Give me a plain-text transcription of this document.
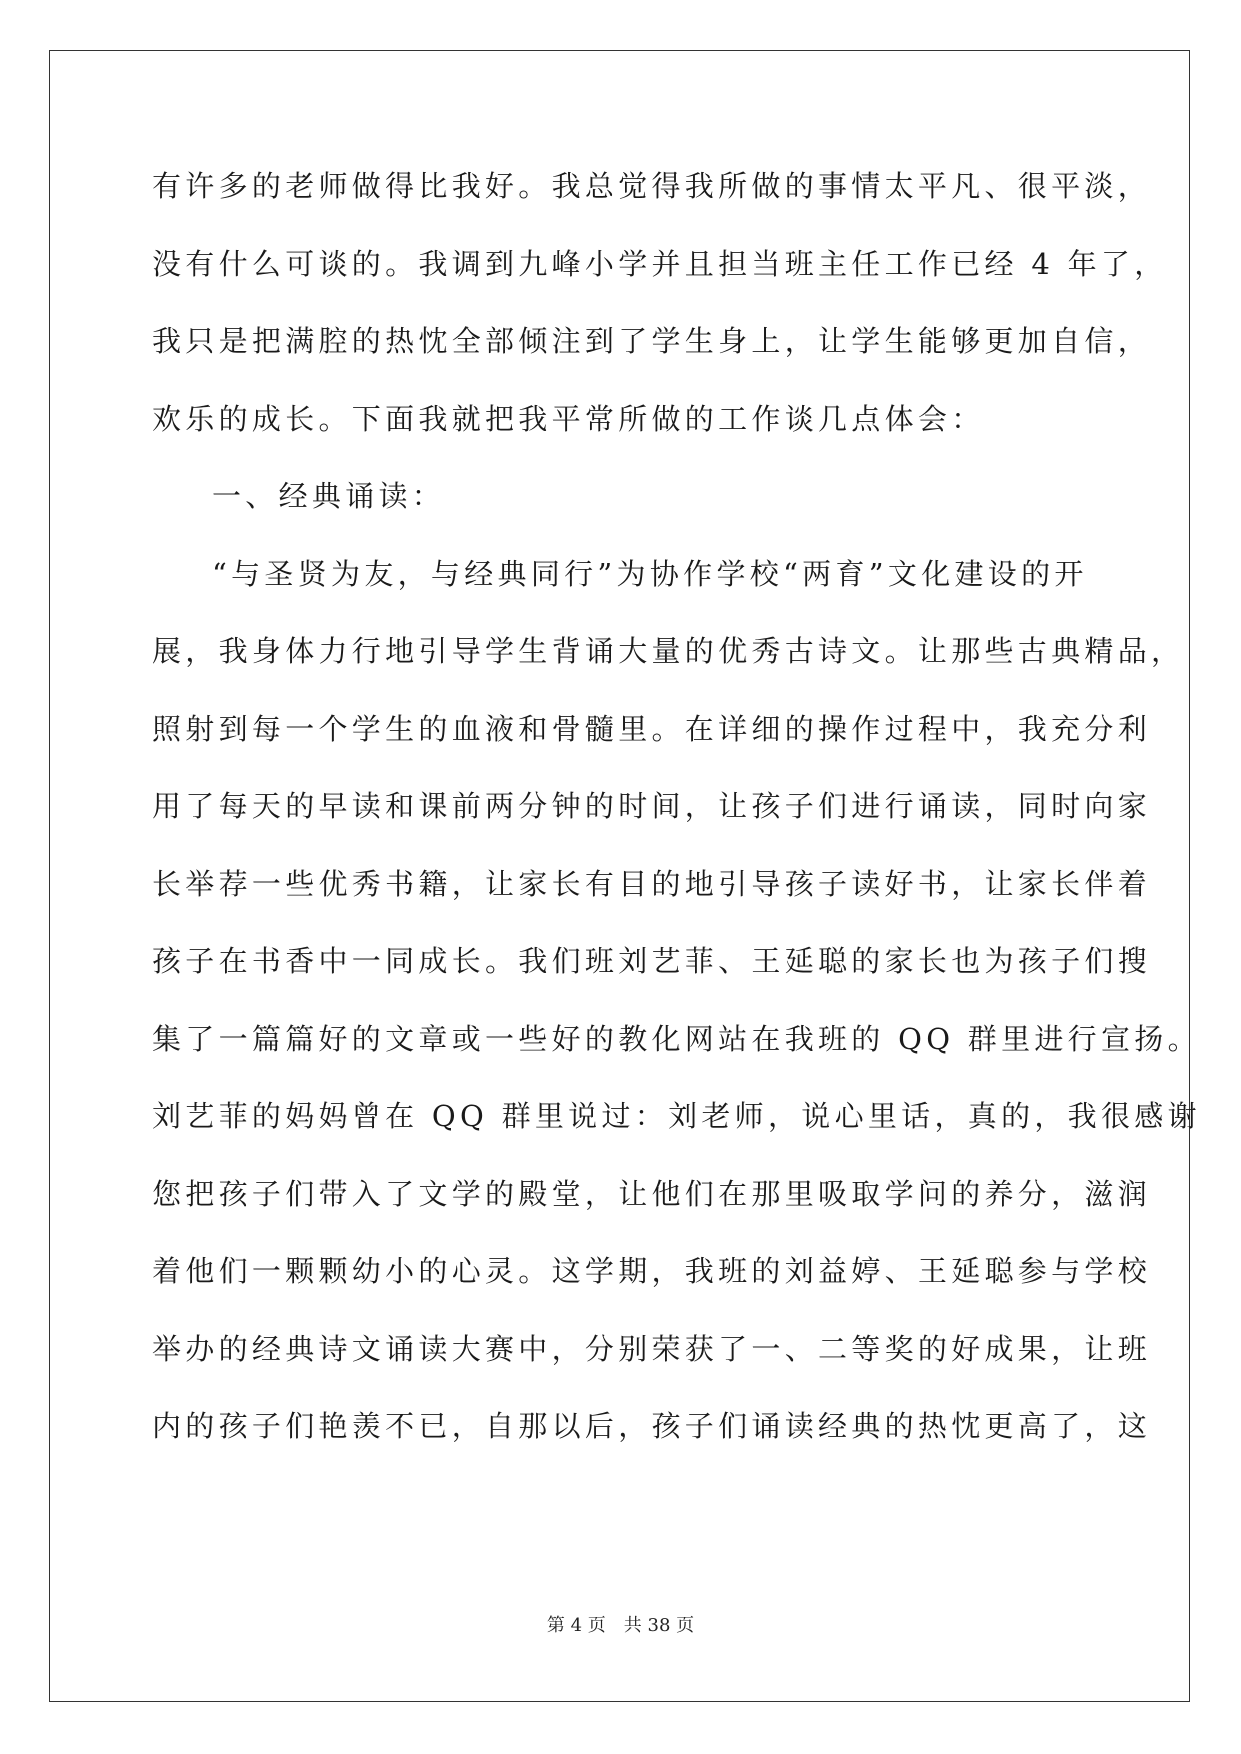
有许多的老师做得比我好。我总觉得我所做的事情太平凡、很平淡，
没有什么可谈的。我调到九峰小学并且担当班主任工作已经 4 年了，
我只是把满腔的热忱全部倾注到了学生身上，让学生能够更加自信，
欢乐的成长。下面我就把我平常所做的工作谈几点体会：
一、经典诵读：
“与圣贤为友，与经典同行”为协作学校“两育”文化建设的开
展，我身体力行地引导学生背诵大量的优秀古诗文。让那些古典精品，
照射到每一个学生的血液和骨髓里。在详细的操作过程中，我充分利
用了每天的早读和课前两分钟的时间，让孩子们进行诵读，同时向家
长举荐一些优秀书籍，让家长有目的地引导孩子读好书，让家长伴着
孩子在书香中一同成长。我们班刘艺菲、王延聪的家长也为孩子们搜
集了一篇篇好的文章或一些好的教化网站在我班的 QQ 群里进行宣扬。
刘艺菲的妈妈曾在 QQ 群里说过：刘老师，说心里话，真的，我很感谢
您把孩子们带入了文学的殿堂，让他们在那里吸取学问的养分，滋润
着他们一颗颗幼小的心灵。这学期，我班的刘益婷、王延聪参与学校
举办的经典诗文诵读大赛中，分别荣获了一、二等奖的好成果，让班
内的孩子们艳羡不已，自那以后，孩子们诵读经典的热忱更高了，这
第 4 页 共 38 页
